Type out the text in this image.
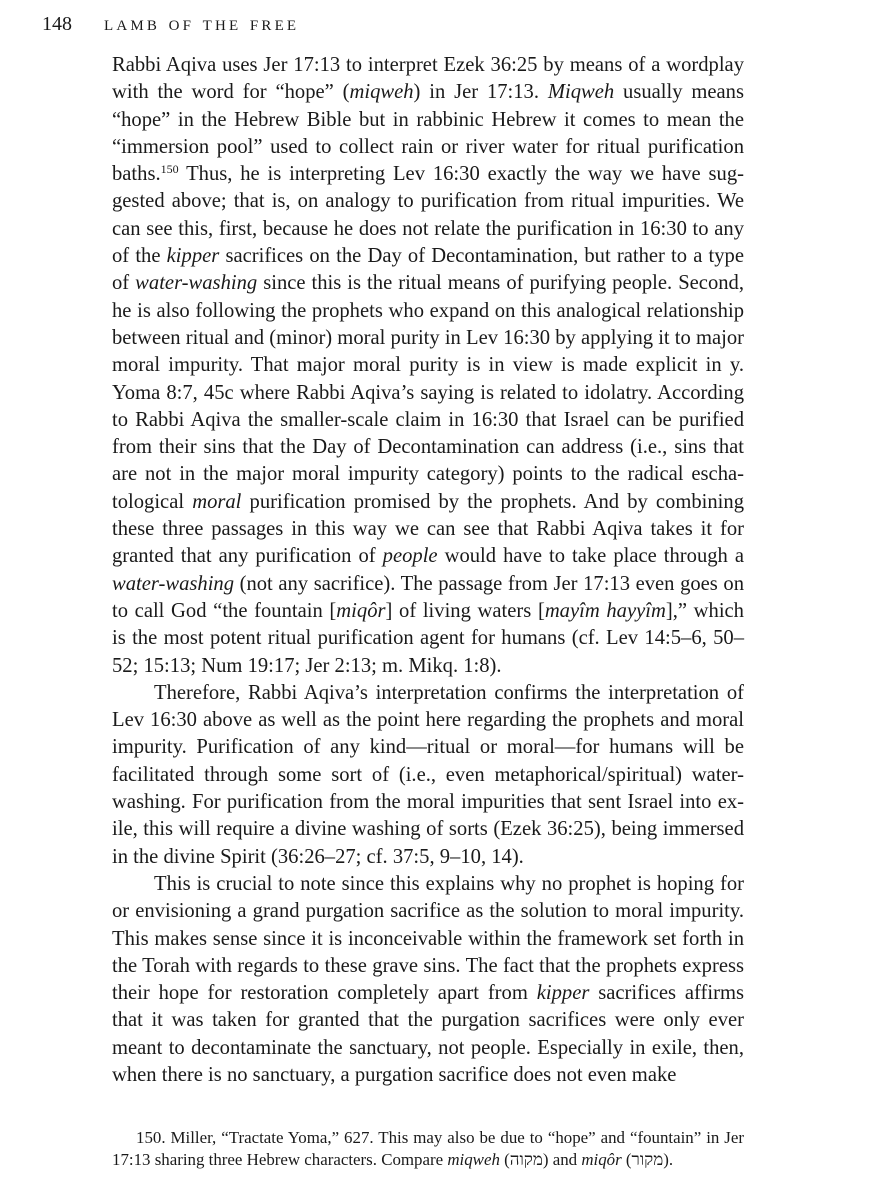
148 lamb of the free

Rabbi Aqiva uses Jer 17:13 to interpret Ezek 36:25 by means of a wordplay with the word for “hope” (miqweh) in Jer 17:13. Miqweh usually means “hope” in the Hebrew Bible but in rabbinic Hebrew it comes to mean the “immersion pool” used to collect rain or river water for ritual purification baths.$^{150}$ Thus, he is interpreting Lev 16:30 exactly the way we have suggested above; that is, on analogy to purification from ritual impurities. We can see this, first, because he does not relate the purification in 16:30 to any of the kipper sacrifices on the Day of Decontamination, but rather to a type of water-washing since this is the ritual means of purifying people. Second, he is also following the prophets who expand on this analogical relationship between ritual and (minor) moral purity in Lev 16:30 by applying it to major moral impurity. That major moral purity is in view is made explicit in y. Yoma 8:7, 45c where Rabbi Aqiva’s saying is related to idolatry. According to Rabbi Aqiva the smaller-scale claim in 16:30 that Israel can be purified from their sins that the Day of Decontamination can address (i.e., sins that are not in the major moral impurity category) points to the radical eschatological moral purification promised by the prophets. And by combining these three passages in this way we can see that Rabbi Aqiva takes it for granted that any purification of people would have to take place through a water-washing (not any sacrifice). The passage from Jer 17:13 even goes on to call God “the fountain [miqôr] of living waters [mayîm hayyîm],” which is the most potent ritual purification agent for humans (cf. Lev 14:5–6, 50–52; 15:13; Num 19:17; Jer 2:13; m. Mikq. 1:8).

Therefore, Rabbi Aqiva’s interpretation confirms the interpretation of Lev 16:30 above as well as the point here regarding the prophets and moral impurity. Purification of any kind—ritual or moral—for humans will be facilitated through some sort of (i.e., even metaphorical/spiritual) water-washing. For purification from the moral impurities that sent Israel into exile, this will require a divine washing of sorts (Ezek 36:25), being immersed in the divine Spirit (36:26–27; cf. 37:5, 9–10, 14).

This is crucial to note since this explains why no prophet is hoping for or envisioning a grand purgation sacrifice as the solution to moral impurity. This makes sense since it is inconceivable within the framework set forth in the Torah with regards to these grave sins. The fact that the prophets express their hope for restoration completely apart from kipper sacrifices affirms that it was taken for granted that the purgation sacrifices were only ever meant to decontaminate the sanctuary, not people. Especially in exile, then, when there is no sanctuary, a purgation sacrifice does not even make

150. Miller, “Tractate Yoma,” 627. This may also be due to “hope” and “fountain” in Jer 17:13 sharing three Hebrew characters. Compare miqweh (מקוה) and miqôr (מקור).
